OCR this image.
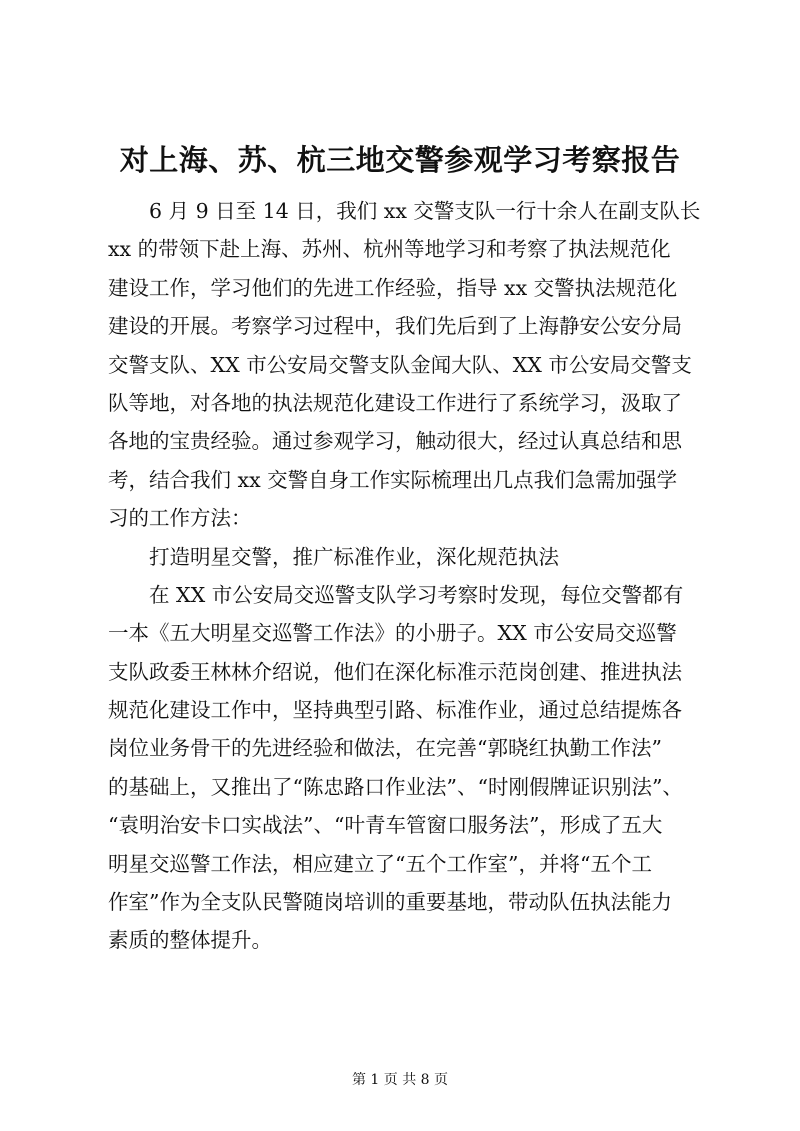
对上海、苏、杭三地交警参观学习考察报告
　　6 月 9 日至 14 日，我们 xx 交警支队一行十余人在副支队长
xx 的带领下赴上海、苏州、杭州等地学习和考察了执法规范化
建设工作，学习他们的先进工作经验，指导 xx 交警执法规范化
建设的开展。考察学习过程中，我们先后到了上海静安公安分局
交警支队、XX 市公安局交警支队金闻大队、XX 市公安局交警支
队等地，对各地的执法规范化建设工作进行了系统学习，汲取了
各地的宝贵经验。通过参观学习，触动很大，经过认真总结和思
考，结合我们 xx 交警自身工作实际梳理出几点我们急需加强学
习的工作方法：
　　打造明星交警，推广标准作业，深化规范执法
　　在 XX 市公安局交巡警支队学习考察时发现，每位交警都有
一本《五大明星交巡警工作法》的小册子。XX 市公安局交巡警
支队政委王林林介绍说，他们在深化标准示范岗创建、推进执法
规范化建设工作中，坚持典型引路、标准作业，通过总结提炼各
岗位业务骨干的先进经验和做法，在完善“郭晓红执勤工作法”
的基础上，又推出了“陈忠路口作业法”、“时刚假牌证识别法”、
“袁明治安卡口实战法”、“叶青车管窗口服务法”，形成了五大
明星交巡警工作法，相应建立了“五个工作室”，并将“五个工
作室”作为全支队民警随岗培训的重要基地，带动队伍执法能力
素质的整体提升。
第 1 页 共 8 页
